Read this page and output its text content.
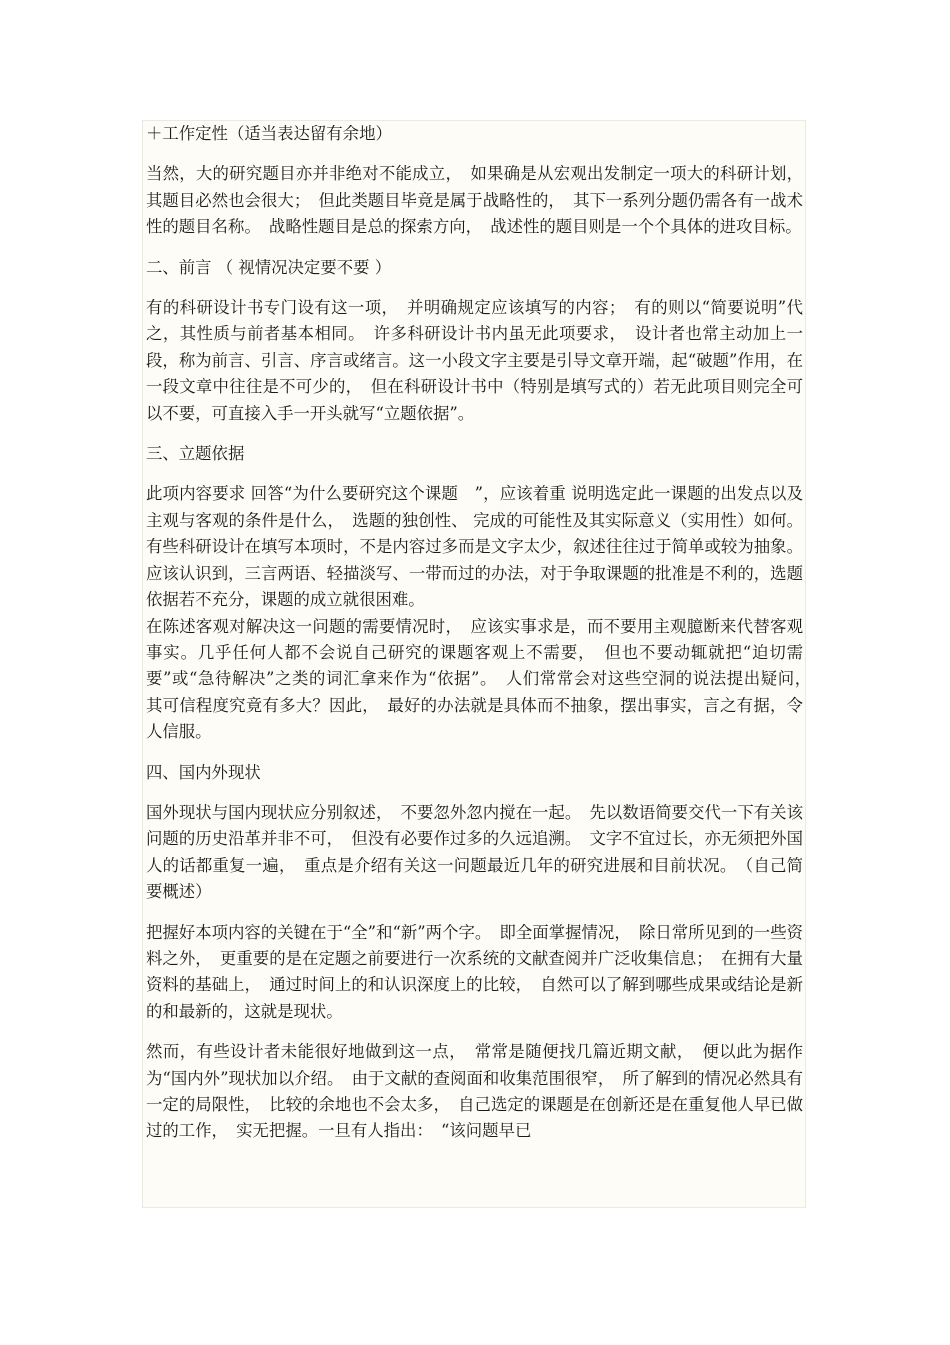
＋工作定性（适当表达留有余地）

当然，大的研究题目亦并非绝对不能成立，　如果确是从宏观出发制定一项大的科研计划，其题目必然也会很大；　但此类题目毕竟是属于战略性的，　其下一系列分题仍需各有一战术性的题目名称。　战略性题目是总的探索方向，　战述性的题目则是一个个具体的进攻目标。

二、前言 （ 视情况决定要不要 ）

有的科研设计书专门设有这一项，　并明确规定应该填写的内容；　有的则以“简要说明”代之，其性质与前者基本相同。　许多科研设计书内虽无此项要求，　设计者也常主动加上一段，称为前言、引言、序言或绪言。这一小段文字主要是引导文章开端，起“破题”作用，在一段文章中往往是不可少的，　但在科研设计书中（特别是填写式的）若无此项目则完全可以不要，可直接入手一开头就写“立题依据”。

三、立题依据

此项内容要求 回答“为什么要研究这个课题　”，应该着重 说明选定此一课题的出发点以及主观与客观的条件是什么，　选题的独创性、 完成的可能性及其实际意义（实用性）如何。有些科研设计在填写本项时，不是内容过多而是文字太少，叙述往往过于简单或较为抽象。应该认识到，三言两语、轻描淡写、一带而过的办法，对于争取课题的批准是不利的，选题依据若不充分，课题的成立就很困难。

在陈述客观对解决这一问题的需要情况时，　应该实事求是，而不要用主观臆断来代替客观事实。几乎任何人都不会说自己研究的课题客观上不需要，　但也不要动辄就把“迫切需要”或“急待解决”之类的词汇拿来作为“依据”。　人们常常会对这些空洞的说法提出疑问，　其可信程度究竟有多大？因此，　最好的办法就是具体而不抽象，摆出事实，言之有据，令人信服。

四、国内外现状

国外现状与国内现状应分别叙述，　不要忽外忽内搅在一起。　先以数语简要交代一下有关该问题的历史沿革并非不可，　但没有必要作过多的久远追溯。　文字不宜过长，亦无须把外国人的话都重复一遍，　重点是介绍有关这一问题最近几年的研究进展和目前状况。　（自己简要概述）

把握好本项内容的关键在于“全”和“新”两个字。　即全面掌握情况，　除日常所见到的一些资料之外，　更重要的是在定题之前要进行一次系统的文献查阅并广泛收集信息；　在拥有大量资料的基础上，　通过时间上的和认识深度上的比较，　自然可以了解到哪些成果或结论是新的和最新的，这就是现状。

然而，有些设计者未能很好地做到这一点，　常常是随便找几篇近期文献，　便以此为据作为“国内外”现状加以介绍。　由于文献的查阅面和收集范围很窄，　所了解到的情况必然具有一定的局限性，　比较的余地也不会太多，　自己选定的课题是在创新还是在重复他人早已做过的工作，　实无把握。一旦有人指出：　“该问题早已
